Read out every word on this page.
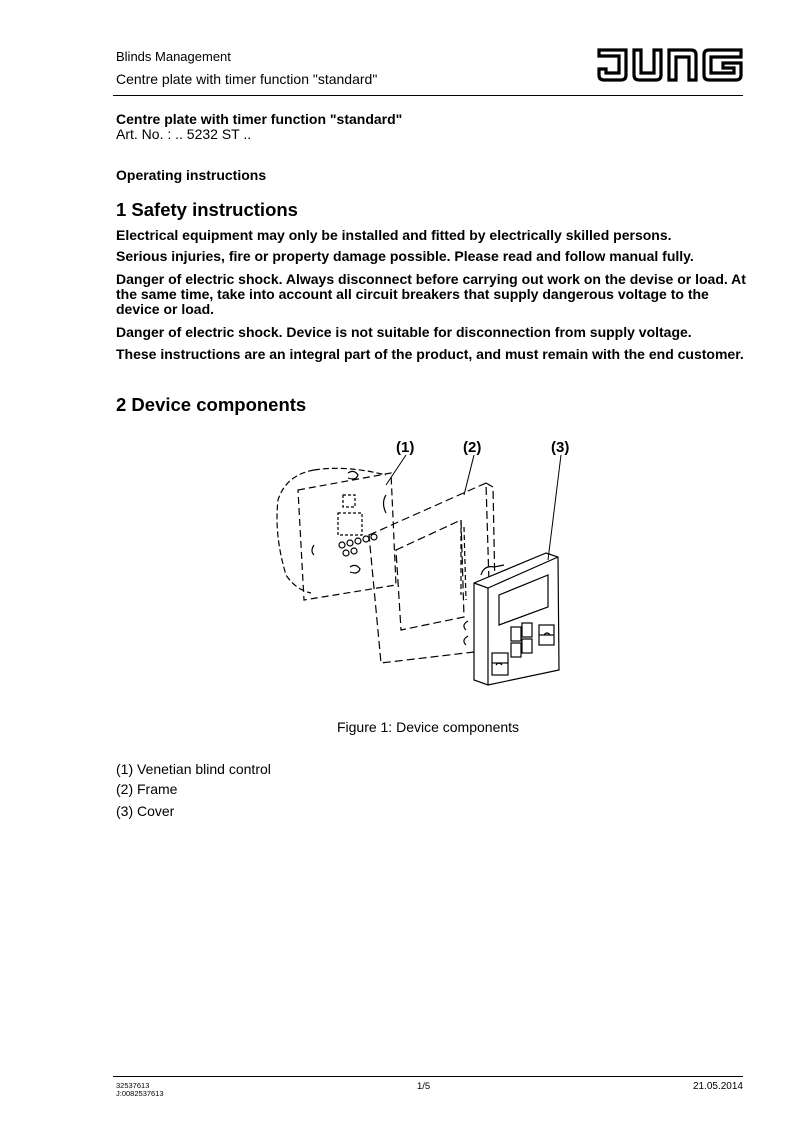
Blinds Management
Centre plate with timer function "standard"
Centre plate with timer function "standard"
Art. No. : .. 5232 ST ..
Operating instructions
1 Safety instructions
Electrical equipment may only be installed and fitted by electrically skilled persons.
Serious injuries, fire or property damage possible. Please read and follow manual fully.
Danger of electric shock. Always disconnect before carrying out work on the devise or load. At the same time, take into account all circuit breakers that supply dangerous voltage to the device or load.
Danger of electric shock. Device is not suitable for disconnection from supply voltage.
These instructions are an integral part of the product, and must remain with the end customer.
2 Device components
(1)	(2)	(3)
Figure 1: Device components
(1) Venetian blind control
(2) Frame
(3) Cover
32537613
J:0082537613
1/5	21.05.2014
